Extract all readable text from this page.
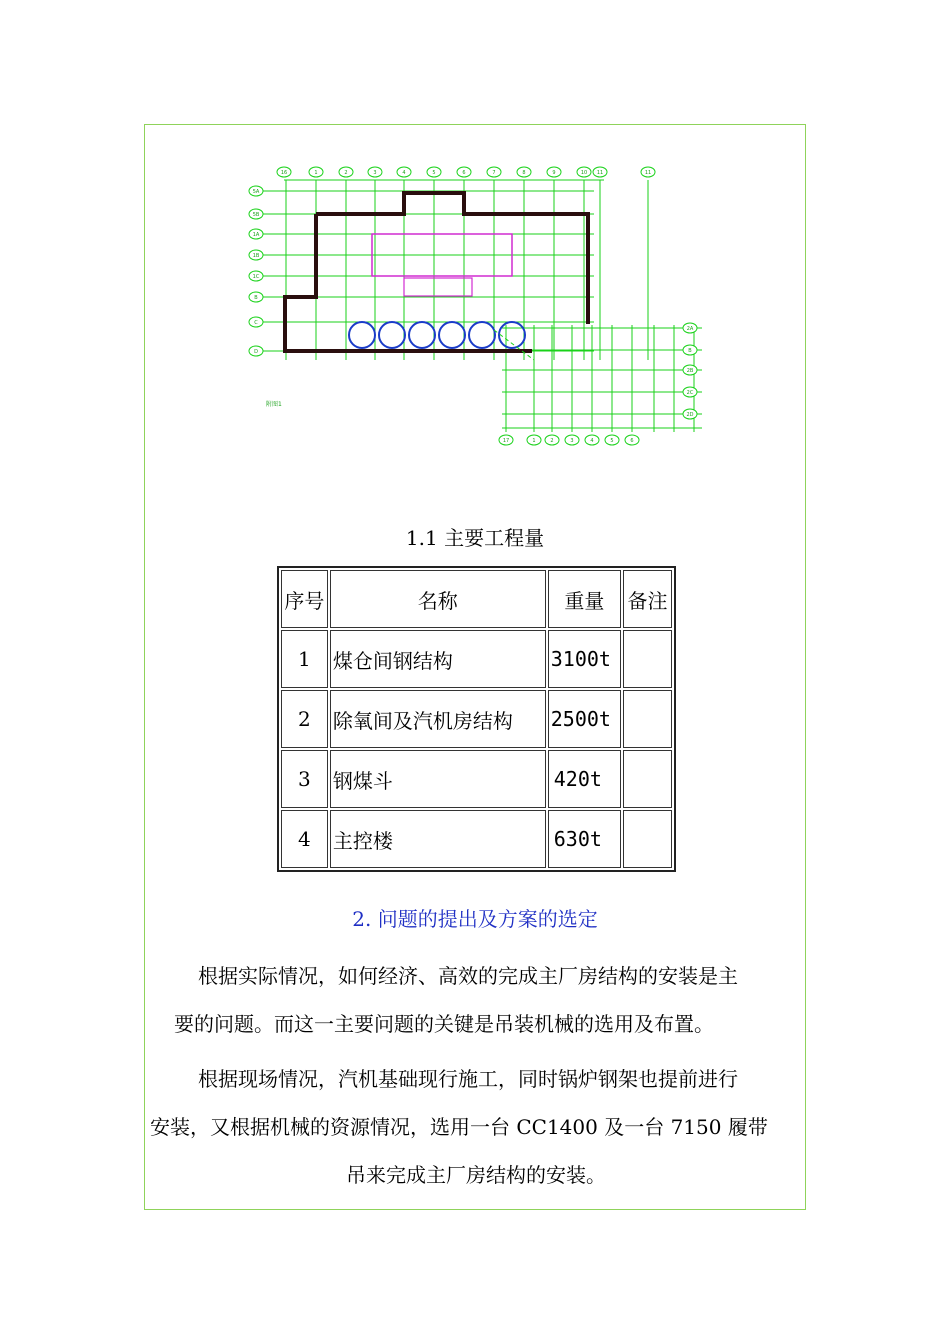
16	1	2	3	4	5	6	7	8	9	10 11	11
5A
5B
1A
1B
1C
B
C
D
2A
B
2B
2C
2D
17	1	2	3	4	5	6
附图1
1.1 主要工程量
序号	名称	重量	备注
1	煤仓间钢结构	3100t	
2	除氧间及汽机房结构	2500t	
3	钢煤斗	420t	
4	主控楼	630t	
2. 问题的提出及方案的选定
根据实际情况，如何经济、高效的完成主厂房结构的安装是主
要的问题。而这一主要问题的关键是吊装机械的选用及布置。
根据现场情况，汽机基础现行施工，同时锅炉钢架也提前进行
安装，又根据机械的资源情况，选用一台 CC1400 及一台 7150 履带
吊来完成主厂房结构的安装。
